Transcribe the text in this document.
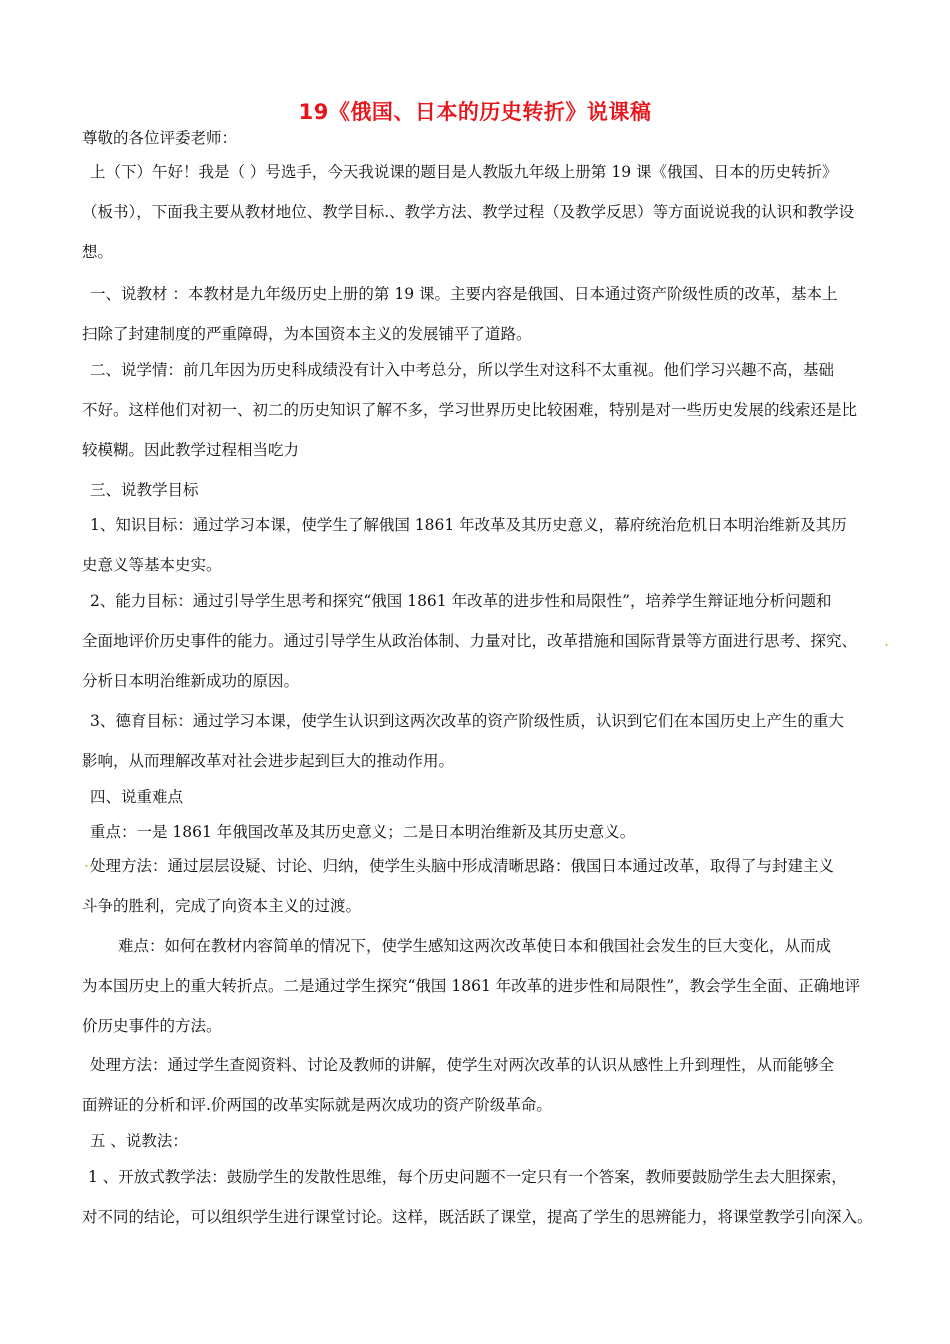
19《俄国、日本的历史转折》说课稿
尊敬的各位评委老师：
上（下）午好！我是（ ）号选手，今天我说课的题目是人教版九年级上册第 19 课《俄国、日本的历史转折》
（板书），下面我主要从教材地位、教学目标.、教学方法、教学过程（及教学反思）等方面说说我的认识和教学设
想。
一、说教材 ：本教材是九年级历史上册的第 19 课。主要内容是俄国、日本通过资产阶级性质的改革，基本上
扫除了封建制度的严重障碍，为本国资本主义的发展铺平了道路。
二、说学情：前几年因为历史科成绩没有计入中考总分，所以学生对这科不太重视。他们学习兴趣不高，基础
不好。这样他们对初一、初二的历史知识了解不多，学习世界历史比较困难，特别是对一些历史发展的线索还是比
较模糊。因此教学过程相当吃力
三、说教学目标
1、知识目标：通过学习本课，使学生了解俄国 1861 年改革及其历史意义，幕府统治危机日本明治维新及其历
史意义等基本史实。
2、能力目标：通过引导学生思考和探究“俄国 1861 年改革的进步性和局限性”，培养学生辩证地分析问题和
全面地评价历史事件的能力。通过引导学生从政治体制、力量对比，改革措施和国际背景等方面进行思考、探究、
分析日本明治维新成功的原因。
.
3、德育目标：通过学习本课，使学生认识到这两次改革的资产阶级性质，认识到它们在本国历史上产生的重大
影响，从而理解改革对社会进步起到巨大的推动作用。
四、说重难点
重点：一是 1861 年俄国改革及其历史意义；二是日本明治维新及其历史意义。
. 处理方法：通过层层设疑、讨论、归纳，使学生头脑中形成清晰思路：俄国日本通过改革，取得了与封建主义
斗争的胜利，完成了向资本主义的过渡。
难点：如何在教材内容简单的情况下，使学生感知这两次改革使日本和俄国社会发生的巨大变化，从而成
为本国历史上的重大转折点。二是通过学生探究“俄国 1861 年改革的进步性和局限性”，教会学生全面、正确地评
价历史事件的方法。
处理方法：通过学生查阅资料、讨论及教师的讲解，使学生对两次改革的认识从感性上升到理性，从而能够全
面辨证的分析和评.价两国的改革实际就是两次成功的资产阶级革命。
五 、说教法：
1 、开放式教学法：鼓励学生的发散性思维，每个历史问题不一定只有一个答案，教师要鼓励学生去大胆探索，
对不同的结论，可以组织学生进行课堂讨论。这样，既活跃了课堂，提高了学生的思辨能力，将课堂教学引向深入。
